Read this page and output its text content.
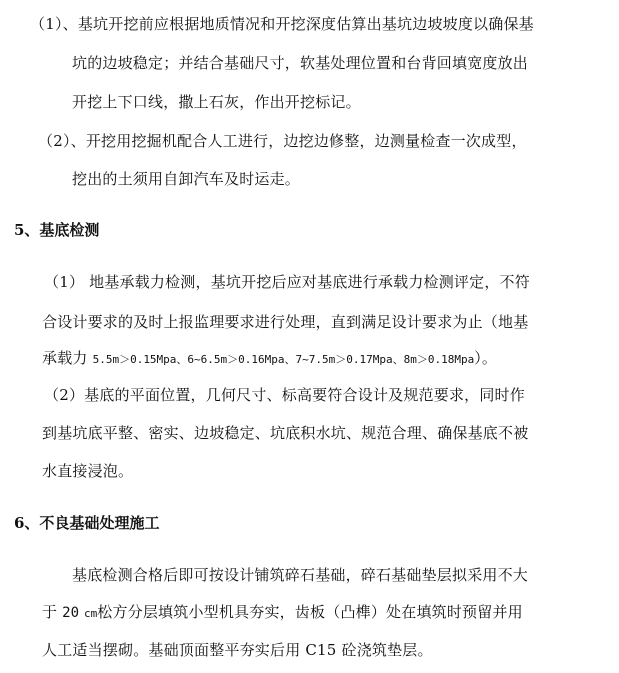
（1）、基坑开挖前应根据地质情况和开挖深度估算出基坑边坡坡度以确保基
坑的边坡稳定；并结合基础尺寸，软基处理位置和台背回填宽度放出
开挖上下口线，撒上石灰，作出开挖标记。
（2）、开挖用挖掘机配合人工进行，边挖边修整，边测量检查一次成型，
挖出的土须用自卸汽车及时运走。
5、基底检测
（1） 地基承载力检测，基坑开挖后应对基底进行承载力检测评定，不符
合设计要求的及时上报监理要求进行处理，直到满足设计要求为止（地基
承载力 5.5m＞0.15Mpa、6~6.5m＞0.16Mpa、7~7.5m＞0.17Mpa、8m＞0.18Mpa）。
（2）基底的平面位置，几何尺寸、标高要符合设计及规范要求，同时作
到基坑底平整、密实、边坡稳定、坑底积水坑、规范合理、确保基底不被
水直接浸泡。
6、不良基础处理施工
基底检测合格后即可按设计铺筑碎石基础，碎石基础垫层拟采用不大
于 20 cm松方分层填筑小型机具夯实，齿板（凸榫）处在填筑时预留并用
人工适当摆砌。基础顶面整平夯实后用 C15 砼浇筑垫层。
